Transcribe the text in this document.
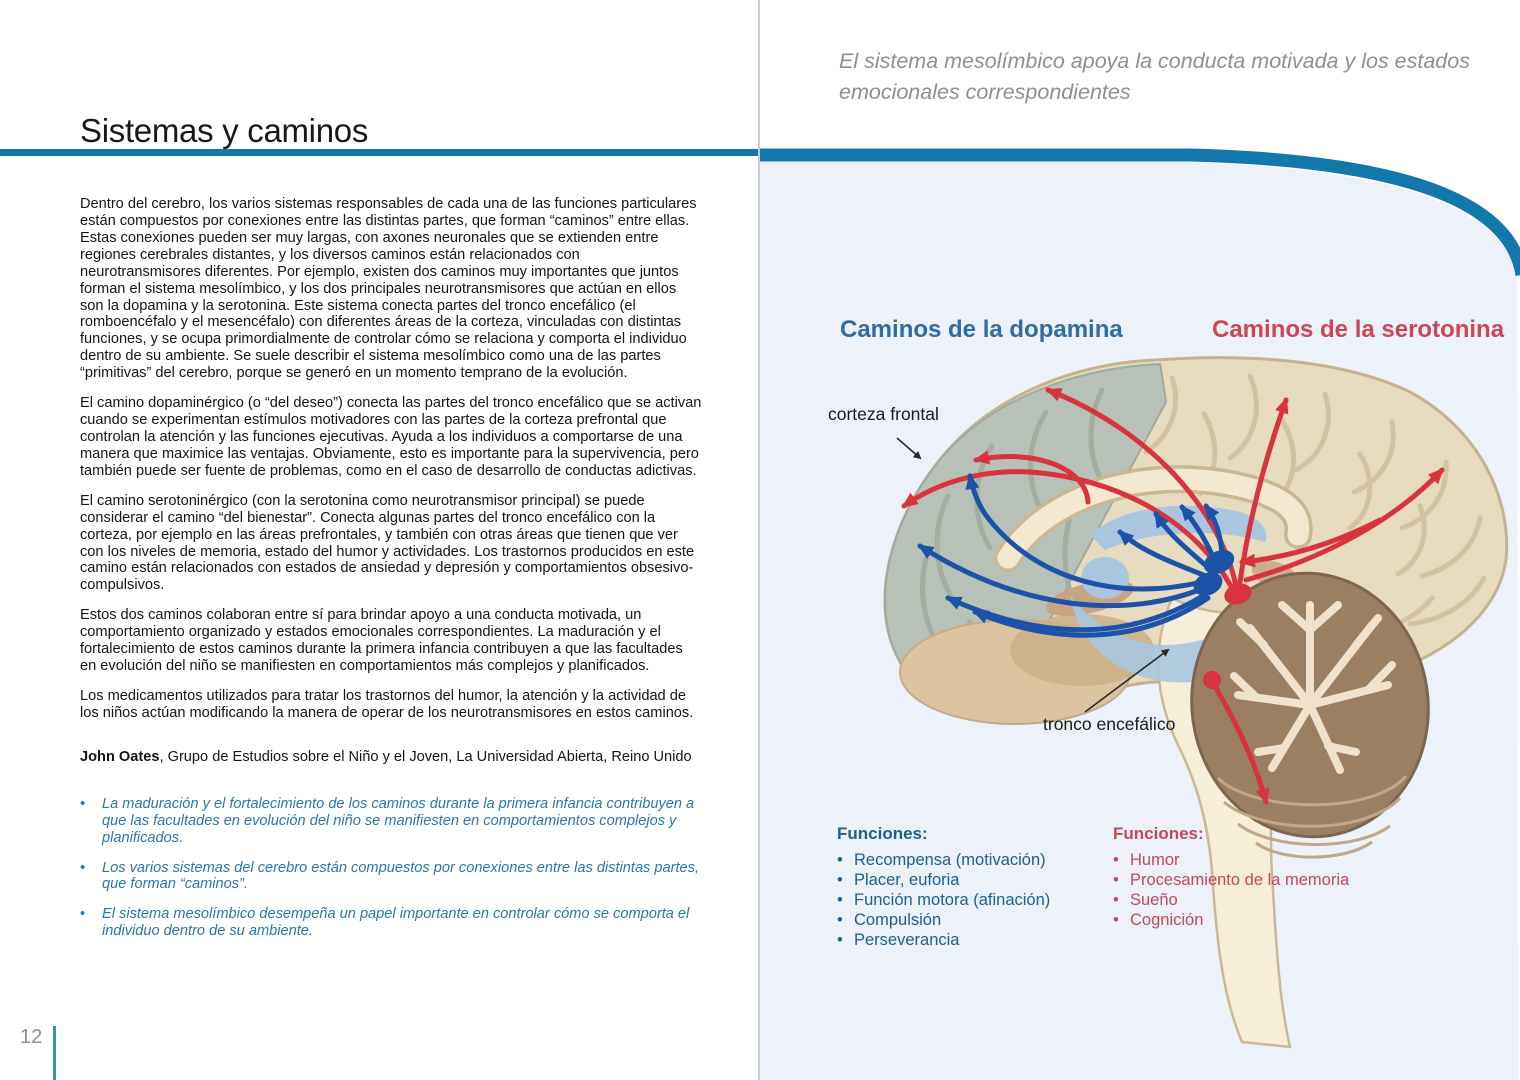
Sistemas y caminos

Dentro del cerebro, los varios sistemas responsables de cada una de las funciones particulares están compuestos por conexiones entre las distintas partes, que forman “caminos” entre ellas. Estas conexiones pueden ser muy largas, con axones neuronales que se extienden entre regiones cerebrales distantes, y los diversos caminos están relacionados con neurotransmisores diferentes. Por ejemplo, existen dos caminos muy importantes que juntos forman el sistema mesolímbico, y los dos principales neurotransmisores que actúan en ellos son la dopamina y la serotonina. Este sistema conecta partes del tronco encefálico (el romboencéfalo y el mesencéfalo) con diferentes áreas de la corteza, vinculadas con distintas funciones, y se ocupa primordialmente de controlar cómo se relaciona y comporta el individuo dentro de su ambiente. Se suele describir el sistema mesolímbico como una de las partes “primitivas” del cerebro, porque se generó en un momento temprano de la evolución.

El camino dopaminérgico (o “del deseo”) conecta las partes del tronco encefálico que se activan cuando se experimentan estímulos motivadores con las partes de la corteza prefrontal que controlan la atención y las funciones ejecutivas. Ayuda a los individuos a comportarse de una manera que maximice las ventajas. Obviamente, esto es importante para la supervivencia, pero también puede ser fuente de problemas, como en el caso de desarrollo de conductas adictivas.

El camino serotoninérgico (con la serotonina como neurotransmisor principal) se puede considerar el camino “del bienestar”. Conecta algunas partes del tronco encefálico con la corteza, por ejemplo en las áreas prefrontales, y también con otras áreas que tienen que ver con los niveles de memoria, estado del humor y actividades. Los trastornos producidos en este camino están relacionados con estados de ansiedad y depresión y comportamientos obsesivo-compulsivos.

Estos dos caminos colaboran entre sí para brindar apoyo a una conducta motivada, un comportamiento organizado y estados emocionales correspondientes. La maduración y el fortalecimiento de estos caminos durante la primera infancia contribuyen a que las facultades en evolución del niño se manifiesten en comportamientos más complejos y planificados.

Los medicamentos utilizados para tratar los trastornos del humor, la atención y la actividad de los niños actúan modificando la manera de operar de los neurotransmisores en estos caminos.

John Oates, Grupo de Estudios sobre el Niño y el Joven, La Universidad Abierta, Reino Unido

• La maduración y el fortalecimiento de los caminos durante la primera infancia contribuyen a que las facultades en evolución del niño se manifiesten en comportamientos complejos y planificados.
• Los varios sistemas del cerebro están compuestos por conexiones entre las distintas partes, que forman “caminos”.
• El sistema mesolímbico desempeña un papel importante en controlar cómo se comporta el individuo dentro de su ambiente.
12
El sistema mesolímbico apoya la conducta motivada y los estados emocionales correspondientes
Caminos de la dopamina	Caminos de la serotonina
corteza frontal
tronco encefálico
Funciones:
• Recompensa (motivación)
• Placer, euforia
• Función motora (afinación)
• Compulsión
• Perseverancia
Funciones:
• Humor
• Procesamiento de la memoria
• Sueño
• Cognición
